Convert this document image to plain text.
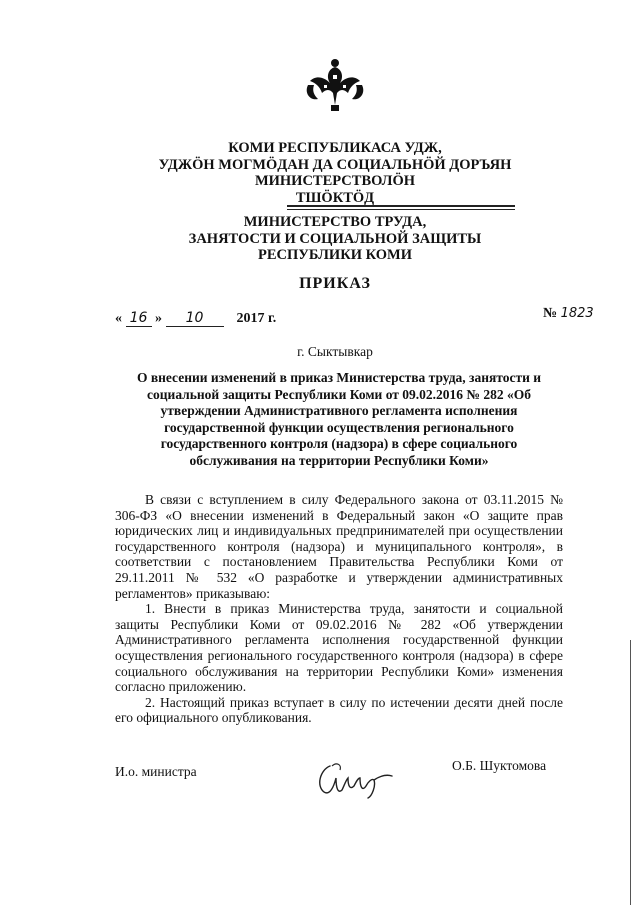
КОМИ РЕСПУБЛИКАСА УДЖ,
УДЖӦН МОГМӦДАН ДА СОЦИАЛЬНӦЙ ДОРЪЯН
МИНИСТЕРСТВОЛӦН
ТШӦКТӦД
МИНИСТЕРСТВО ТРУДА,
ЗАНЯТОСТИ И СОЦИАЛЬНОЙ ЗАЩИТЫ
РЕСПУБЛИКИ КОМИ
ПРИКАЗ
« 16 » 10 2017 г.	№ 1823
г. Сыктывкар
О внесении изменений в приказ Министерства труда, занятости и социальной защиты Республики Коми от 09.02.2016 № 282 «Об утверждении Административного регламента исполнения государственной функции осуществления регионального государственного контроля (надзора) в сфере социального обслуживания на территории Республики Коми»

В связи с вступлением в силу Федерального закона от 03.11.2015 № 306-ФЗ «О внесении изменений в Федеральный закон «О защите прав юридических лиц и индивидуальных предпринимателей при осуществлении государственного контроля (надзора) и муниципального контроля», в соответствии с постановлением Правительства Республики Коми от 29.11.2011 № 532 «О разработке и утверждении административных регламентов» приказываю:

1. Внести в приказ Министерства труда, занятости и социальной защиты Республики Коми от 09.02.2016 № 282 «Об утверждении Административного регламента исполнения государственной функции осуществления регионального государственного контроля (надзора) в сфере социального обслуживания на территории Республики Коми» изменения согласно приложению.

2. Настоящий приказ вступает в силу по истечении десяти дней после его официального опубликования.

И.о. министра	О.Б. Шуктомова
